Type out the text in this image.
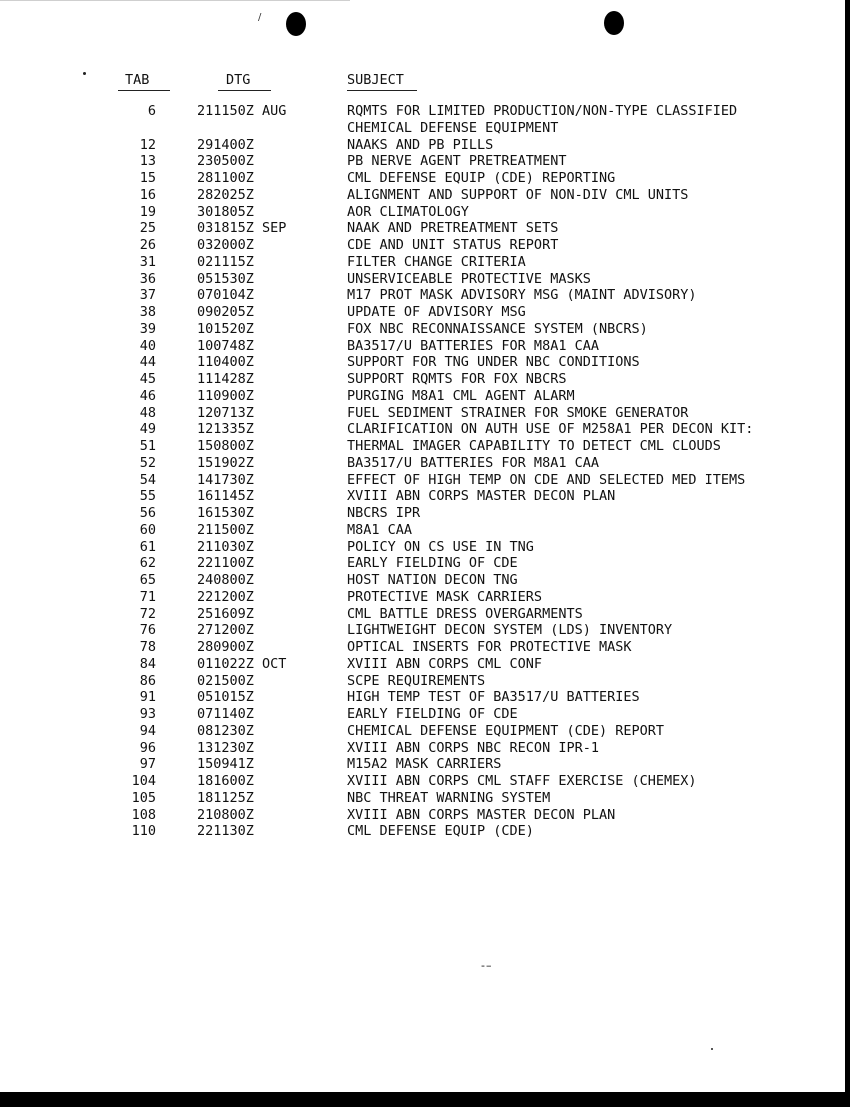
/
TAB	DTG	SUBJECT
6	211150Z AUG	RQMTS FOR LIMITED PRODUCTION/NON-TYPE CLASSIFIED
CHEMICAL DEFENSE EQUIPMENT
12	291400Z	NAAKS AND PB PILLS
13	230500Z	PB NERVE AGENT PRETREATMENT
15	281100Z	CML DEFENSE EQUIP (CDE) REPORTING
16	282025Z	ALIGNMENT AND SUPPORT OF NON-DIV CML UNITS
19	301805Z	AOR CLIMATOLOGY
25	031815Z SEP	NAAK AND PRETREATMENT SETS
26	032000Z	CDE AND UNIT STATUS REPORT
31	021115Z	FILTER CHANGE CRITERIA
36	051530Z	UNSERVICEABLE PROTECTIVE MASKS
37	070104Z	M17 PROT MASK ADVISORY MSG (MAINT ADVISORY)
38	090205Z	UPDATE OF ADVISORY MSG
39	101520Z	FOX NBC RECONNAISSANCE SYSTEM (NBCRS)
40	100748Z	BA3517/U BATTERIES FOR M8A1 CAA
44	110400Z	SUPPORT FOR TNG UNDER NBC CONDITIONS
45	111428Z	SUPPORT RQMTS FOR FOX NBCRS
46	110900Z	PURGING M8A1 CML AGENT ALARM
48	120713Z	FUEL SEDIMENT STRAINER FOR SMOKE GENERATOR
49	121335Z	CLARIFICATION ON AUTH USE OF M258A1 PER DECON KIT:
51	150800Z	THERMAL IMAGER CAPABILITY TO DETECT CML CLOUDS
52	151902Z	BA3517/U BATTERIES FOR M8A1 CAA
54	141730Z	EFFECT OF HIGH TEMP ON CDE AND SELECTED MED ITEMS
55	161145Z	XVIII ABN CORPS MASTER DECON PLAN
56	161530Z	NBCRS IPR
60	211500Z	M8A1 CAA
61	211030Z	POLICY ON CS USE IN TNG
62	221100Z	EARLY FIELDING OF CDE
65	240800Z	HOST NATION DECON TNG
71	221200Z	PROTECTIVE MASK CARRIERS
72	251609Z	CML BATTLE DRESS OVERGARMENTS
76	271200Z	LIGHTWEIGHT DECON SYSTEM (LDS) INVENTORY
78	280900Z	OPTICAL INSERTS FOR PROTECTIVE MASK
84	011022Z OCT	XVIII ABN CORPS CML CONF
86	021500Z	SCPE REQUIREMENTS
91	051015Z	HIGH TEMP TEST OF BA3517/U BATTERIES
93	071140Z	EARLY FIELDING OF CDE
94	081230Z	CHEMICAL DEFENSE EQUIPMENT (CDE) REPORT
96	131230Z	XVIII ABN CORPS NBC RECON IPR-1
97	150941Z	M15A2 MASK CARRIERS
104	181600Z	XVIII ABN CORPS CML STAFF EXERCISE (CHEMEX)
105	181125Z	NBC THREAT WARNING SYSTEM
108	210800Z	XVIII ABN CORPS MASTER DECON PLAN
110	221130Z	CML DEFENSE EQUIP (CDE)
-–
